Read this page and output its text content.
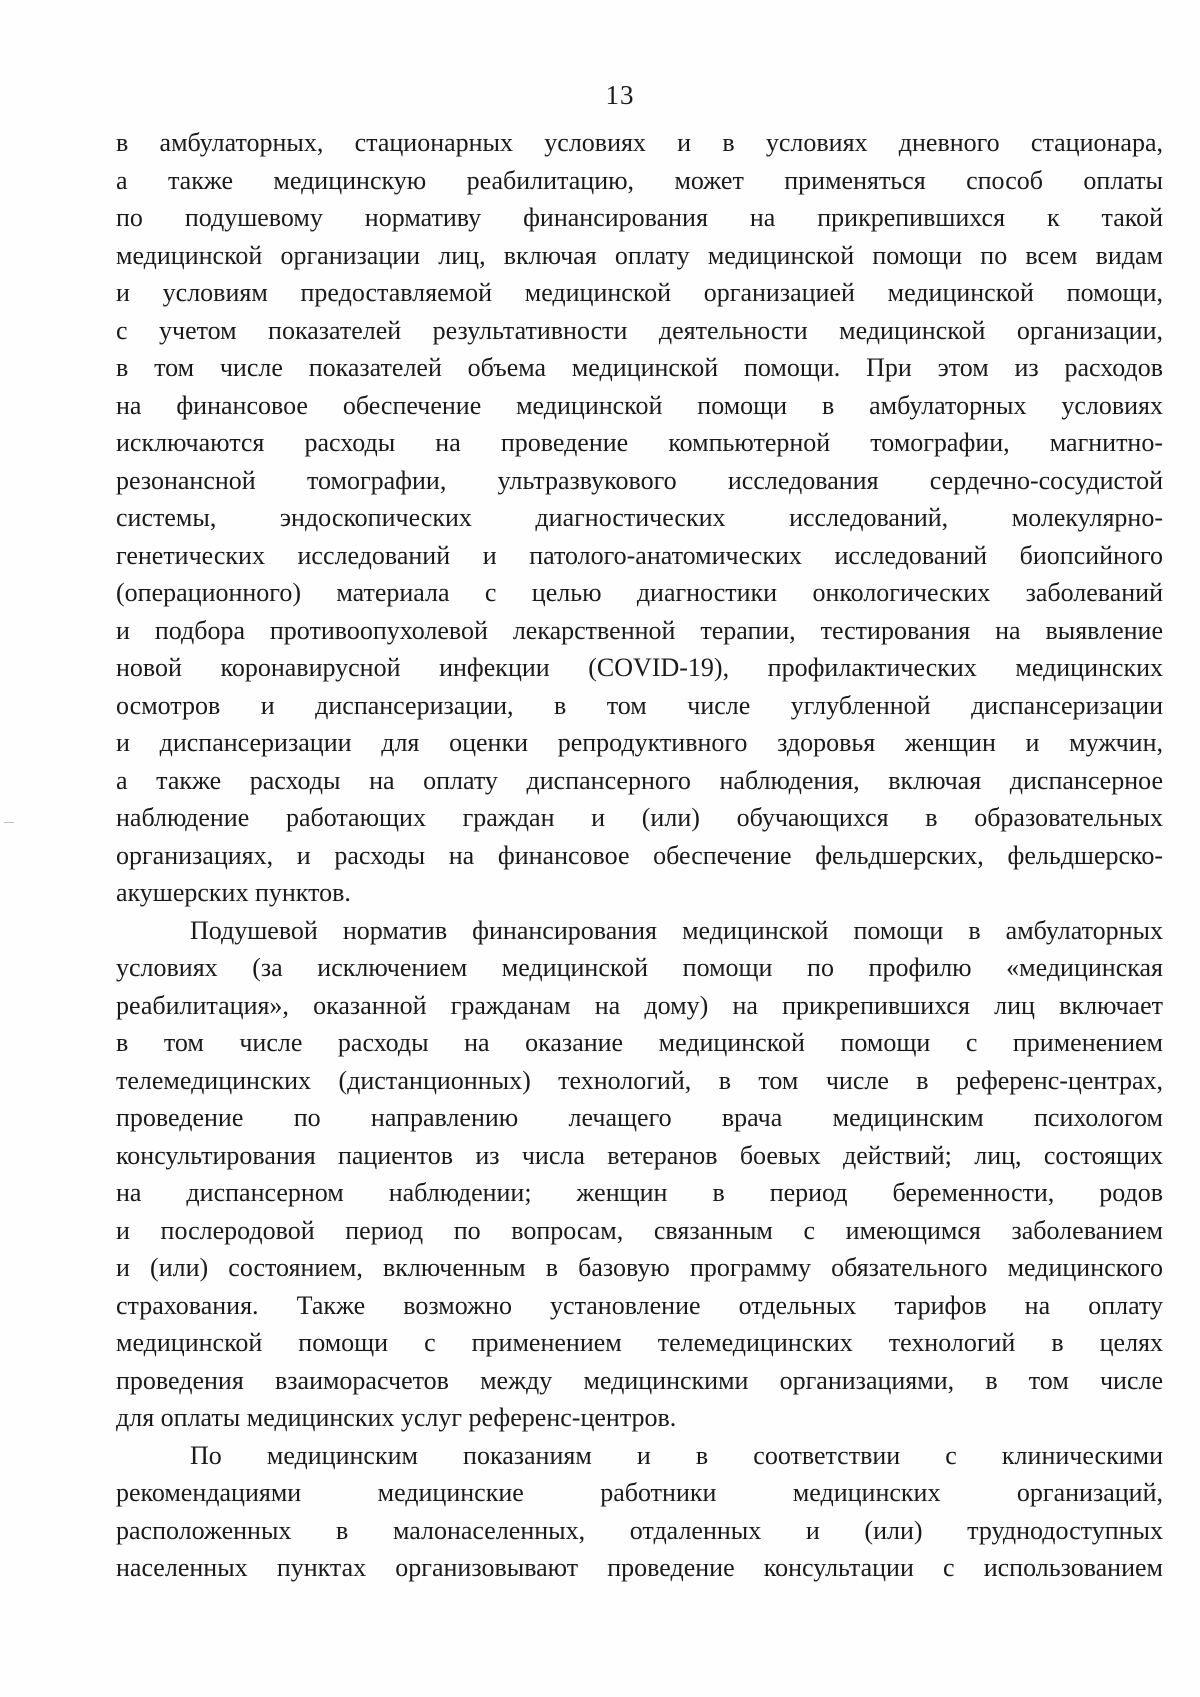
13
в амбулаторных, стационарных условиях и в условиях дневного стационара,
а также медицинскую реабилитацию, может применяться способ оплаты
по подушевому нормативу финансирования на прикрепившихся к такой
медицинской организации лиц, включая оплату медицинской помощи по всем видам
и условиям предоставляемой медицинской организацией медицинской помощи,
с учетом показателей результативности деятельности медицинской организации,
в том числе показателей объема медицинской помощи. При этом из расходов
на финансовое обеспечение медицинской помощи в амбулаторных условиях
исключаются расходы на проведение компьютерной томографии, магнитно-
резонансной томографии, ультразвукового исследования сердечно-сосудистой
системы, эндоскопических диагностических исследований, молекулярно-
генетических исследований и патолого-анатомических исследований биопсийного
(операционного) материала с целью диагностики онкологических заболеваний
и подбора противоопухолевой лекарственной терапии, тестирования на выявление
новой коронавирусной инфекции (COVID-19), профилактических медицинских
осмотров и диспансеризации, в том числе углубленной диспансеризации
и диспансеризации для оценки репродуктивного здоровья женщин и мужчин,
а также расходы на оплату диспансерного наблюдения, включая диспансерное
наблюдение работающих граждан и (или) обучающихся в образовательных
организациях, и расходы на финансовое обеспечение фельдшерских, фельдшерско-
акушерских пунктов.
Подушевой норматив финансирования медицинской помощи в амбулаторных
условиях (за исключением медицинской помощи по профилю «медицинская
реабилитация», оказанной гражданам на дому) на прикрепившихся лиц включает
в том числе расходы на оказание медицинской помощи с применением
телемедицинских (дистанционных) технологий, в том числе в референс-центрах,
проведение по направлению лечащего врача медицинским психологом
консультирования пациентов из числа ветеранов боевых действий; лиц, состоящих
на диспансерном наблюдении; женщин в период беременности, родов
и послеродовой период по вопросам, связанным с имеющимся заболеванием
и (или) состоянием, включенным в базовую программу обязательного медицинского
страхования. Также возможно установление отдельных тарифов на оплату
медицинской помощи с применением телемедицинских технологий в целях
проведения взаиморасчетов между медицинскими организациями, в том числе
для оплаты медицинских услуг референс-центров.
По медицинским показаниям и в соответствии с клиническими
рекомендациями медицинские работники медицинских организаций,
расположенных в малонаселенных, отдаленных и (или) труднодоступных
населенных пунктах организовывают проведение консультации с использованием
